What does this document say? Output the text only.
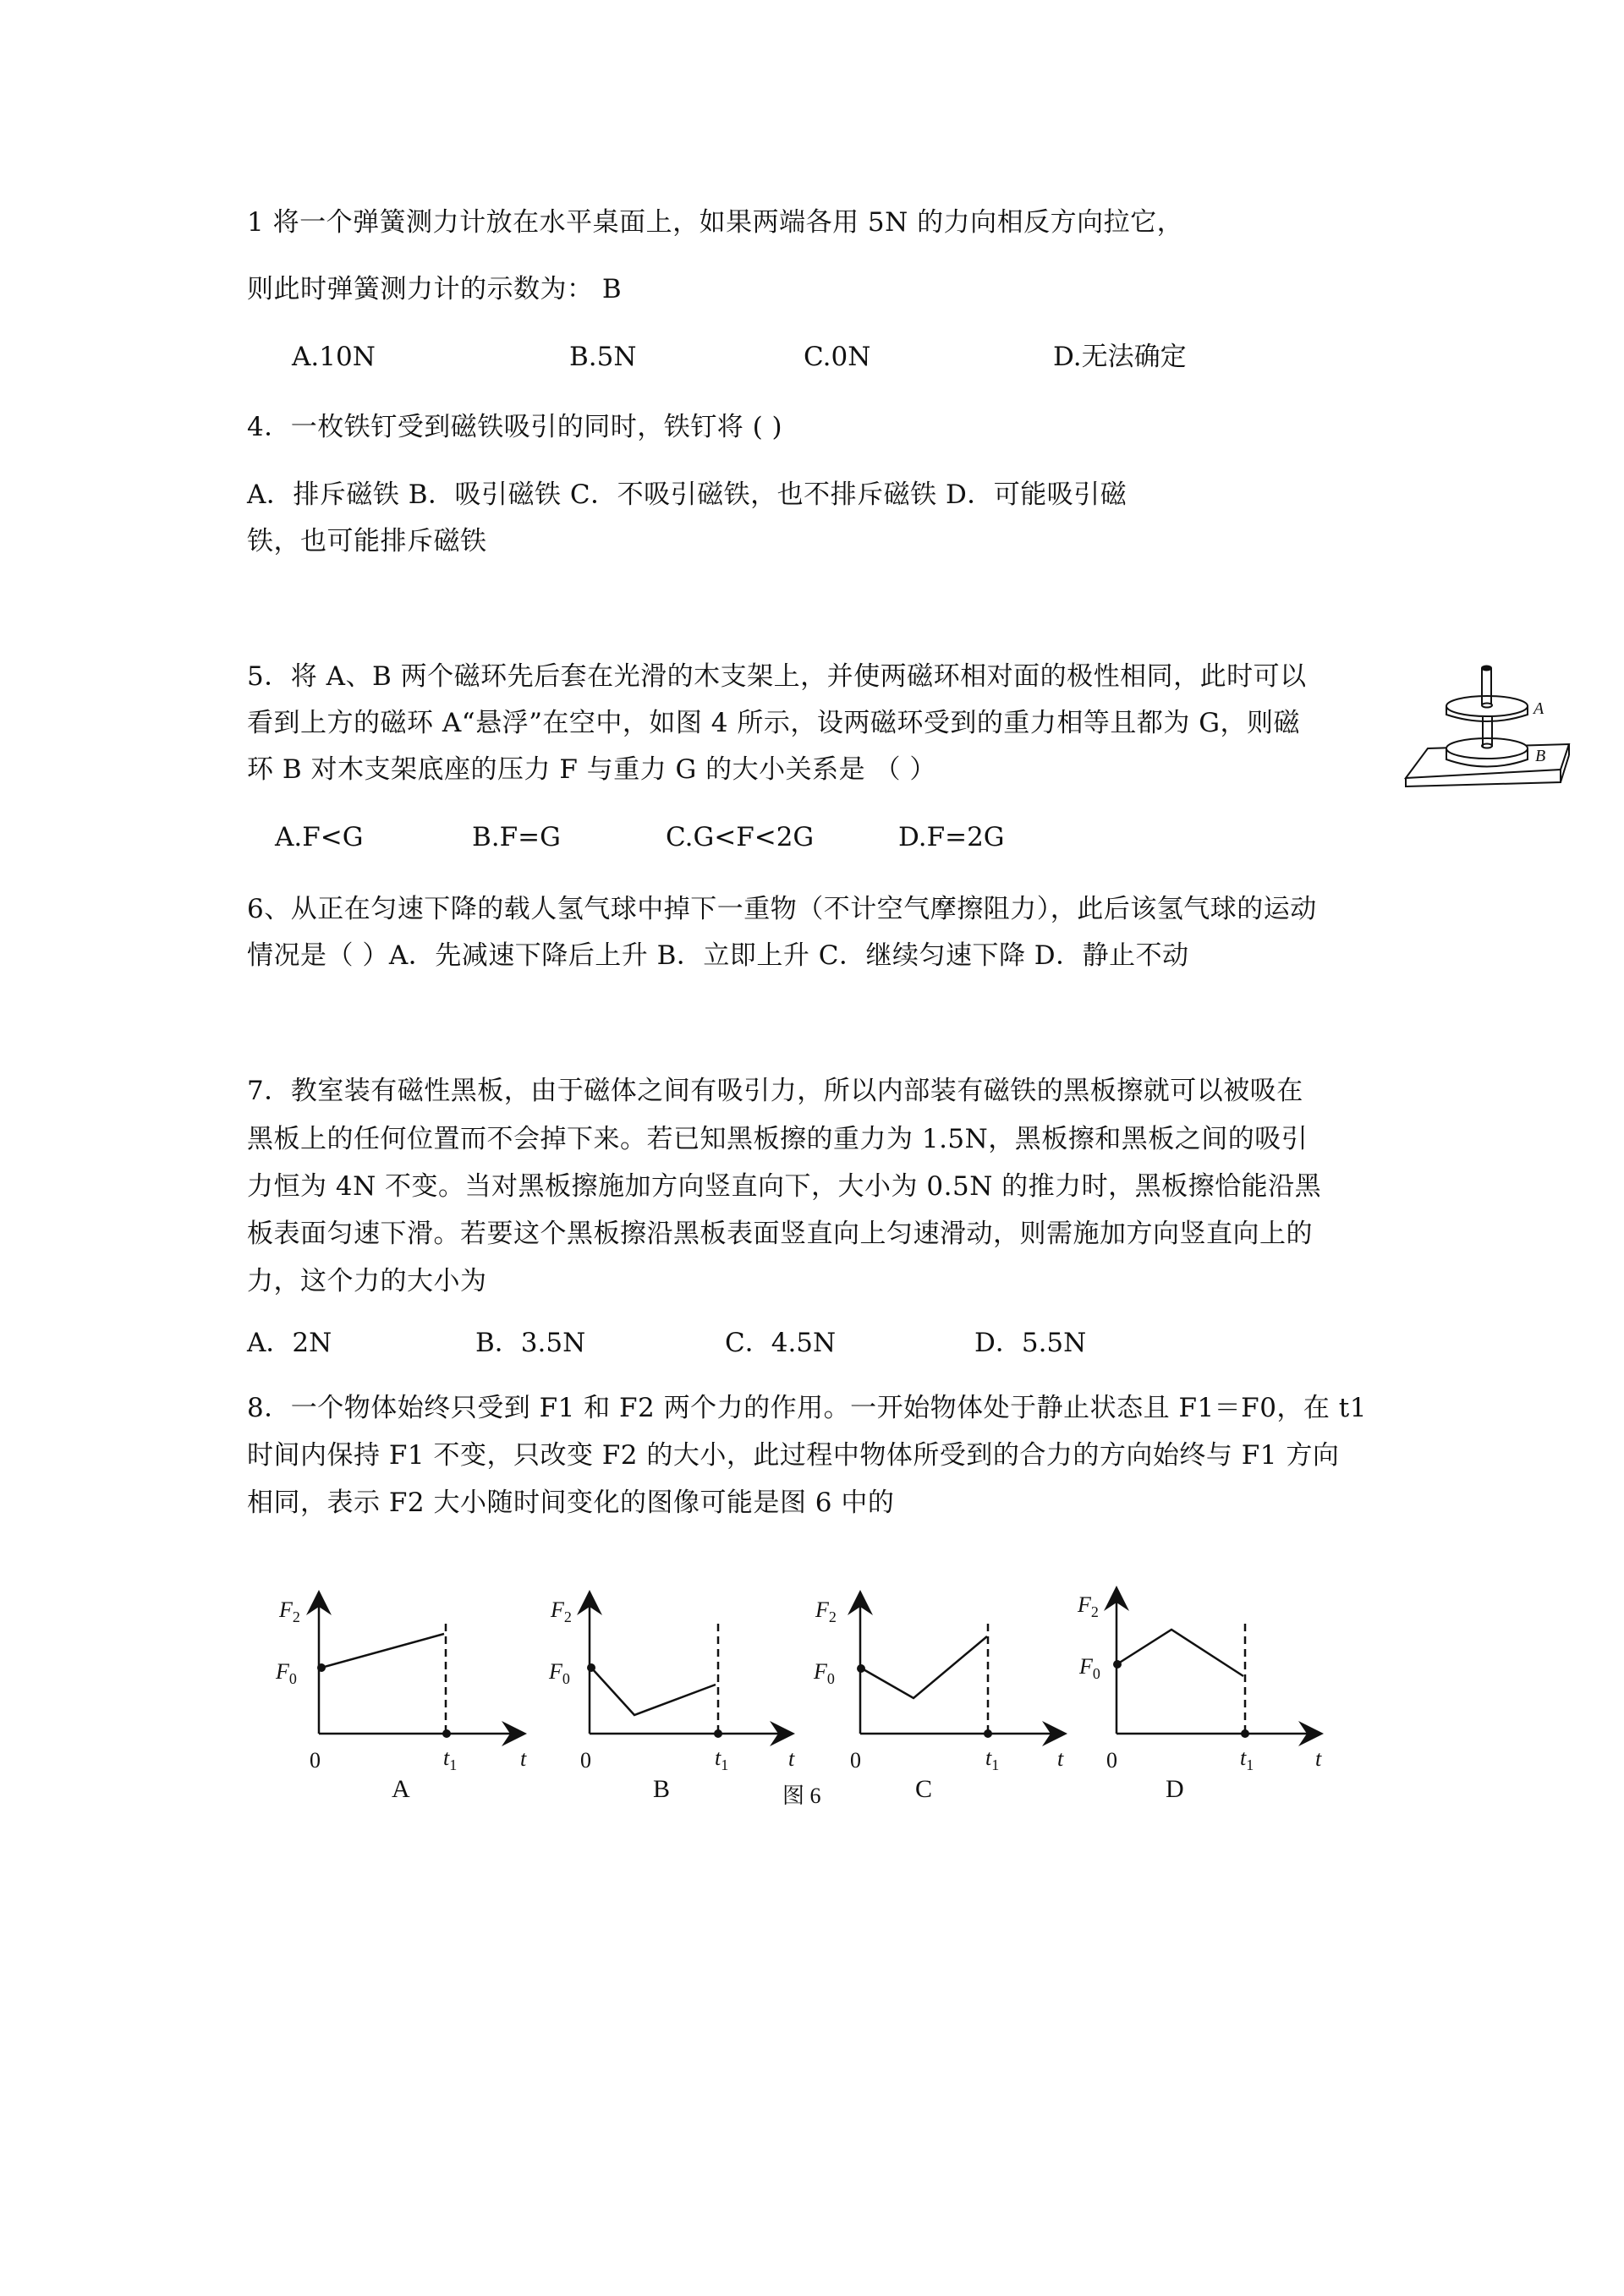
1 将一个弹簧测力计放在水平桌面上，如果两端各用 5N 的力向相反方向拉它，
则此时弹簧测力计的示数为： B
A.10N	B.5N	C.0N	D.无法确定
4．一枚铁钉受到磁铁吸引的同时，铁钉将 ( )
A．排斥磁铁 B．吸引磁铁 C．不吸引磁铁，也不排斥磁铁 D．可能吸引磁
铁，也可能排斥磁铁
5．将 A、B 两个磁环先后套在光滑的木支架上，并使两磁环相对面的极性相同，此时可以
看到上方的磁环 A“悬浮”在空中，如图 4 所示，设两磁环受到的重力相等且都为 G，则磁
环 B 对木支架底座的压力 F 与重力 G 的大小关系是 （ ）
A.F<G	B.F=G	C.G<F<2G	D.F=2G
A
B
6、从正在匀速下降的载人氢气球中掉下一重物（不计空气摩擦阻力），此后该氢气球的运动
情况是（ ）A．先减速下降后上升 B．立即上升 C．继续匀速下降 D．静止不动
7．教室装有磁性黑板，由于磁体之间有吸引力，所以内部装有磁铁的黑板擦就可以被吸在
黑板上的任何位置而不会掉下来。若已知黑板擦的重力为 1.5N，黑板擦和黑板之间的吸引
力恒为 4N 不变。当对黑板擦施加方向竖直向下，大小为 0.5N 的推力时，黑板擦恰能沿黑
板表面匀速下滑。若要这个黑板擦沿黑板表面竖直向上匀速滑动，则需施加方向竖直向上的
力，这个力的大小为
A．2N	B．3.5N	C．4.5N	D．5.5N
8．一个物体始终只受到 F1 和 F2 两个力的作用。一开始物体处于静止状态且 F1＝F0，在 t1
时间内保持 F1 不变，只改变 F2 的大小，此过程中物体所受到的合力的方向始终与 F1 方向
相同，表示 F2 大小随时间变化的图像可能是图 6 中的
$F_2$
$F_0$
0	$t_1$	t
A
$F_2$
$F_0$
0	$t_1$	t
B
$F_2$
$F_0$
0	$t_1$	t
C
$F_2$
$F_0$
0	$t_1$	t
D
图 6
